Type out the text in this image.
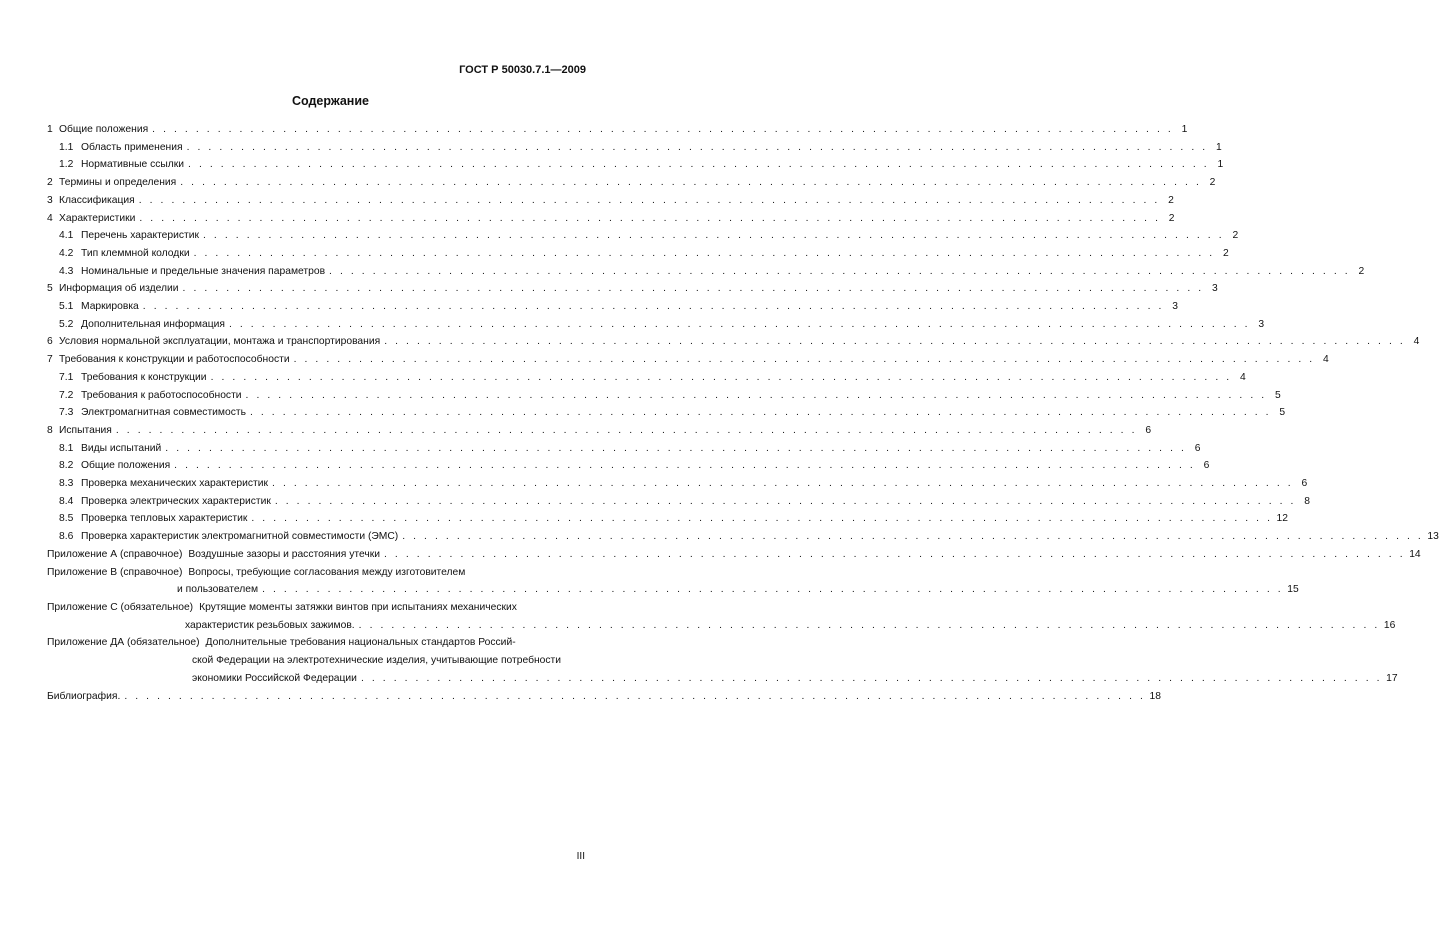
ГОСТ Р 50030.7.1—2009
Содержание
1 Общие положения . . . . . . . . . . . . . . . . . . . . . . . . . . . . . . . . . . . . . . . . . . . . . . . . . . . . . . . . . . . . . . . . . . . . . . . . . . . . . . . . . . . . . . . . . . . . . . 1
1.1 Область применения . . . . . . . . . . . . . . . . . . . . . . . . . . . . . . . . . . . . . . . . . . . . . . . . . . . . . . . . . . . . . . . . . . . . . . . . . . . . . . . . . . . . . . . . . . . . . . 1
1.2 Нормативные ссылки . . . . . . . . . . . . . . . . . . . . . . . . . . . . . . . . . . . . . . . . . . . . . . . . . . . . . . . . . . . . . . . . . . . . . . . . . . . . . . . . . . . . . . . . . . . . . . 1
2 Термины и определения . . . . . . . . . . . . . . . . . . . . . . . . . . . . . . . . . . . . . . . . . . . . . . . . . . . . . . . . . . . . . . . . . . . . . . . . . . . . . . . . . . . . . . . . . . . . . . 2
3 Классификация . . . . . . . . . . . . . . . . . . . . . . . . . . . . . . . . . . . . . . . . . . . . . . . . . . . . . . . . . . . . . . . . . . . . . . . . . . . . . . . . . . . . . . . . . . . . . . 2
4 Характеристики . . . . . . . . . . . . . . . . . . . . . . . . . . . . . . . . . . . . . . . . . . . . . . . . . . . . . . . . . . . . . . . . . . . . . . . . . . . . . . . . . . . . . . . . . . . . . . 2
4.1 Перечень характеристик . . . . . . . . . . . . . . . . . . . . . . . . . . . . . . . . . . . . . . . . . . . . . . . . . . . . . . . . . . . . . . . . . . . . . . . . . . . . . . . . . . . . . . . . . . . . . . 2
4.2 Тип клеммной колодки . . . . . . . . . . . . . . . . . . . . . . . . . . . . . . . . . . . . . . . . . . . . . . . . . . . . . . . . . . . . . . . . . . . . . . . . . . . . . . . . . . . . . . . . . . . . . . 2
4.3 Номинальные и предельные значения параметров . . . . . . . . . . . . . . . . . . . . . . . . . . . . . . . . . . . . . . . . . . . . . . . . . . . . . . . . . . . . . . . . . . . . . . . . . . . . . . . . . . . . . . . . . . . . . . 2
5 Информация об изделии . . . . . . . . . . . . . . . . . . . . . . . . . . . . . . . . . . . . . . . . . . . . . . . . . . . . . . . . . . . . . . . . . . . . . . . . . . . . . . . . . . . . . . . . . . . . . . 3
5.1 Маркировка . . . . . . . . . . . . . . . . . . . . . . . . . . . . . . . . . . . . . . . . . . . . . . . . . . . . . . . . . . . . . . . . . . . . . . . . . . . . . . . . . . . . . . . . . . . . . . 3
5.2 Дополнительная информация . . . . . . . . . . . . . . . . . . . . . . . . . . . . . . . . . . . . . . . . . . . . . . . . . . . . . . . . . . . . . . . . . . . . . . . . . . . . . . . . . . . . . . . . . . . . . . 3
6 Условия нормальной эксплуатации, монтажа и транспортирования . . . . . . . . . . . . . . . . . . . . . . . . . . . . . . . . . . . . . . . . . . . . . . . . . . . . . . . . . . . . . . . . . . . . . . . . . . . . . . . . . . . . . . . . . . . . . . 4
7 Требования к конструкции и работоспособности . . . . . . . . . . . . . . . . . . . . . . . . . . . . . . . . . . . . . . . . . . . . . . . . . . . . . . . . . . . . . . . . . . . . . . . . . . . . . . . . . . . . . . . . . . . . . . 4
7.1 Требования к конструкции . . . . . . . . . . . . . . . . . . . . . . . . . . . . . . . . . . . . . . . . . . . . . . . . . . . . . . . . . . . . . . . . . . . . . . . . . . . . . . . . . . . . . . . . . . . . . . 4
7.2 Требования к работоспособности . . . . . . . . . . . . . . . . . . . . . . . . . . . . . . . . . . . . . . . . . . . . . . . . . . . . . . . . . . . . . . . . . . . . . . . . . . . . . . . . . . . . . . . . . . . . . . 5
7.3 Электромагнитная совместимость . . . . . . . . . . . . . . . . . . . . . . . . . . . . . . . . . . . . . . . . . . . . . . . . . . . . . . . . . . . . . . . . . . . . . . . . . . . . . . . . . . . . . . . . . . . . . . 5
8 Испытания . . . . . . . . . . . . . . . . . . . . . . . . . . . . . . . . . . . . . . . . . . . . . . . . . . . . . . . . . . . . . . . . . . . . . . . . . . . . . . . . . . . . . . . . . . . . . . 6
8.1 Виды испытаний . . . . . . . . . . . . . . . . . . . . . . . . . . . . . . . . . . . . . . . . . . . . . . . . . . . . . . . . . . . . . . . . . . . . . . . . . . . . . . . . . . . . . . . . . . . . . . 6
8.2 Общие положения . . . . . . . . . . . . . . . . . . . . . . . . . . . . . . . . . . . . . . . . . . . . . . . . . . . . . . . . . . . . . . . . . . . . . . . . . . . . . . . . . . . . . . . . . . . . . . 6
8.3 Проверка механических характеристик . . . . . . . . . . . . . . . . . . . . . . . . . . . . . . . . . . . . . . . . . . . . . . . . . . . . . . . . . . . . . . . . . . . . . . . . . . . . . . . . . . . . . . . . . . . . . . 6
8.4 Проверка электрических характеристик . . . . . . . . . . . . . . . . . . . . . . . . . . . . . . . . . . . . . . . . . . . . . . . . . . . . . . . . . . . . . . . . . . . . . . . . . . . . . . . . . . . . . . . . . . . . . . 8
8.5 Проверка тепловых характеристик . . . . . . . . . . . . . . . . . . . . . . . . . . . . . . . . . . . . . . . . . . . . . . . . . . . . . . . . . . . . . . . . . . . . . . . . . . . . . . . . . . . . . . . . . . . . . . 12
8.6 Проверка характеристик электромагнитной совместимости (ЭМС) . . . . . . . . . . . . . . . . . . . . . . . . . . . . . . . . . . . . . . . . . . . . . . . . . . . . . . . . . . . . . . . . . . . . . . . . . . . . . . . . . . . . . . . . . . . . . . 13
Приложение А (справочное) Воздушные зазоры и расстояния утечки . . . . . . . . . . . . . . . . . . . . . . . . . . . . . . . . . . . . . . . . . . . . . . . . . . . . . . . . . . . . . . . . . . . . . . . . . . . . . . . . . . . . . . . . . . . . . . 14
Приложение В (справочное) Вопросы, требующие согласования между изготовителем
и пользователем . . . . . . . . . . . . . . . . . . . . . . . . . . . . . . . . . . . . . . . . . . . . . . . . . . . . . . . . . . . . . . . . . . . . . . . . . . . . . . . . . . . . . . . . . . . . . . 15
Приложение С (обязательное) Крутящие моменты затяжки винтов при испытаниях механических
характеристик резьбовых зажимов. . . . . . . . . . . . . . . . . . . . . . . . . . . . . . . . . . . . . . . . . . . . . . . . . . . . . . . . . . . . . . . . . . . . . . . . . . . . . . . . . . . . . . . . . . . . . . . 16
Приложение ДА (обязательное) Дополнительные требования национальных стандартов Россий-
ской Федерации на электротехнические изделия, учитывающие потребности
экономики Российской Федерации . . . . . . . . . . . . . . . . . . . . . . . . . . . . . . . . . . . . . . . . . . . . . . . . . . . . . . . . . . . . . . . . . . . . . . . . . . . . . . . . . . . . . . . . . . . . . . 17
Библиография. . . . . . . . . . . . . . . . . . . . . . . . . . . . . . . . . . . . . . . . . . . . . . . . . . . . . . . . . . . . . . . . . . . . . . . . . . . . . . . . . . . . . . . . . . . . . . . 18
III
